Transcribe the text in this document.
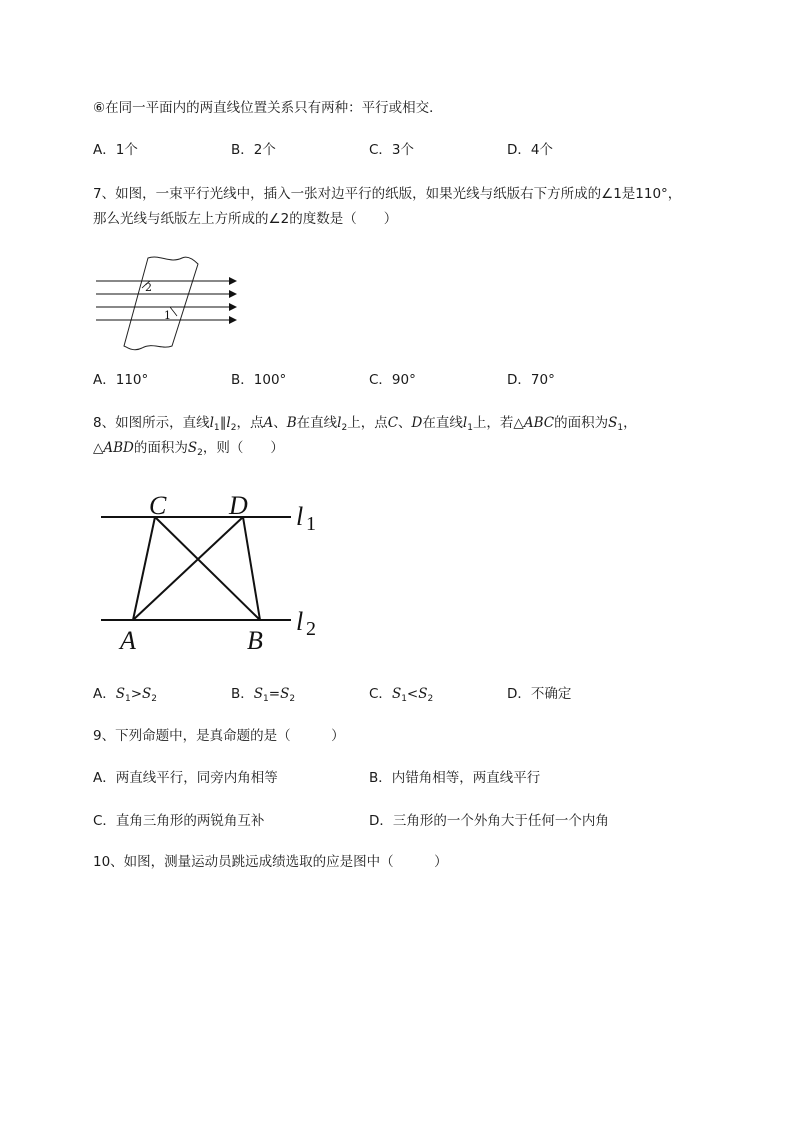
⑥在同一平面内的两直线位置关系只有两种：平行或相交．
A．1个	B．2个	C．3个	D．4个
7、如图，一束平行光线中，插入一张对边平行的纸版，如果光线与纸版右下方所成的∠1是110°，
那么光线与纸版左上方所成的∠2的度数是（　　）
2
1
A．110°	B．100°	C．90°	D．70°
8、如图所示，直线$l_1\parallel l_2$，点A、B在直线$l_2$上，点C、D在直线$l_1$上，若△ABC的面积为$S_1$，
△ABD的面积为$S_2$，则（　　）
C D
A	B
l 1
l 2
A．$S_1>S_2$	B．$S_1=S_2$	C．$S_1<S_2$	D．不确定
9、下列命题中，是真命题的是（　　　）
A．两直线平行，同旁内角相等	B．内错角相等，两直线平行
C．直角三角形的两锐角互补	D．三角形的一个外角大于任何一个内角
10、如图，测量运动员跳远成绩选取的应是图中（　　　）
